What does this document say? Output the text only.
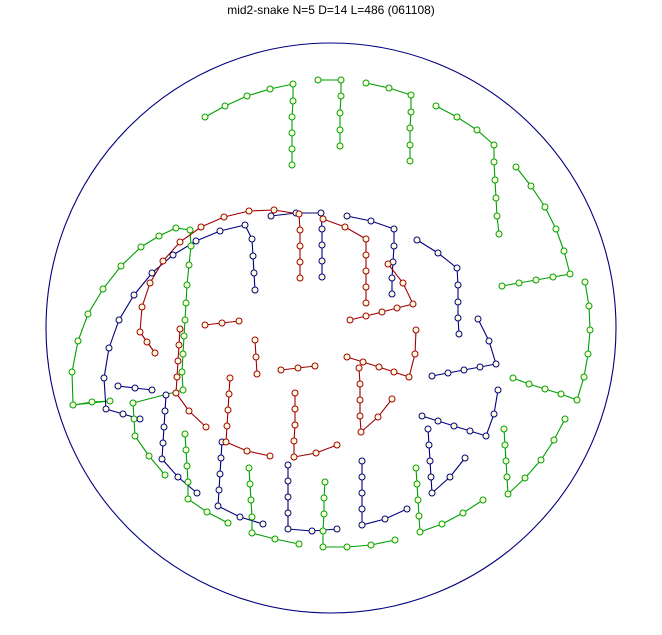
mid2-snake N=5 D=14 L=486 (061108)
